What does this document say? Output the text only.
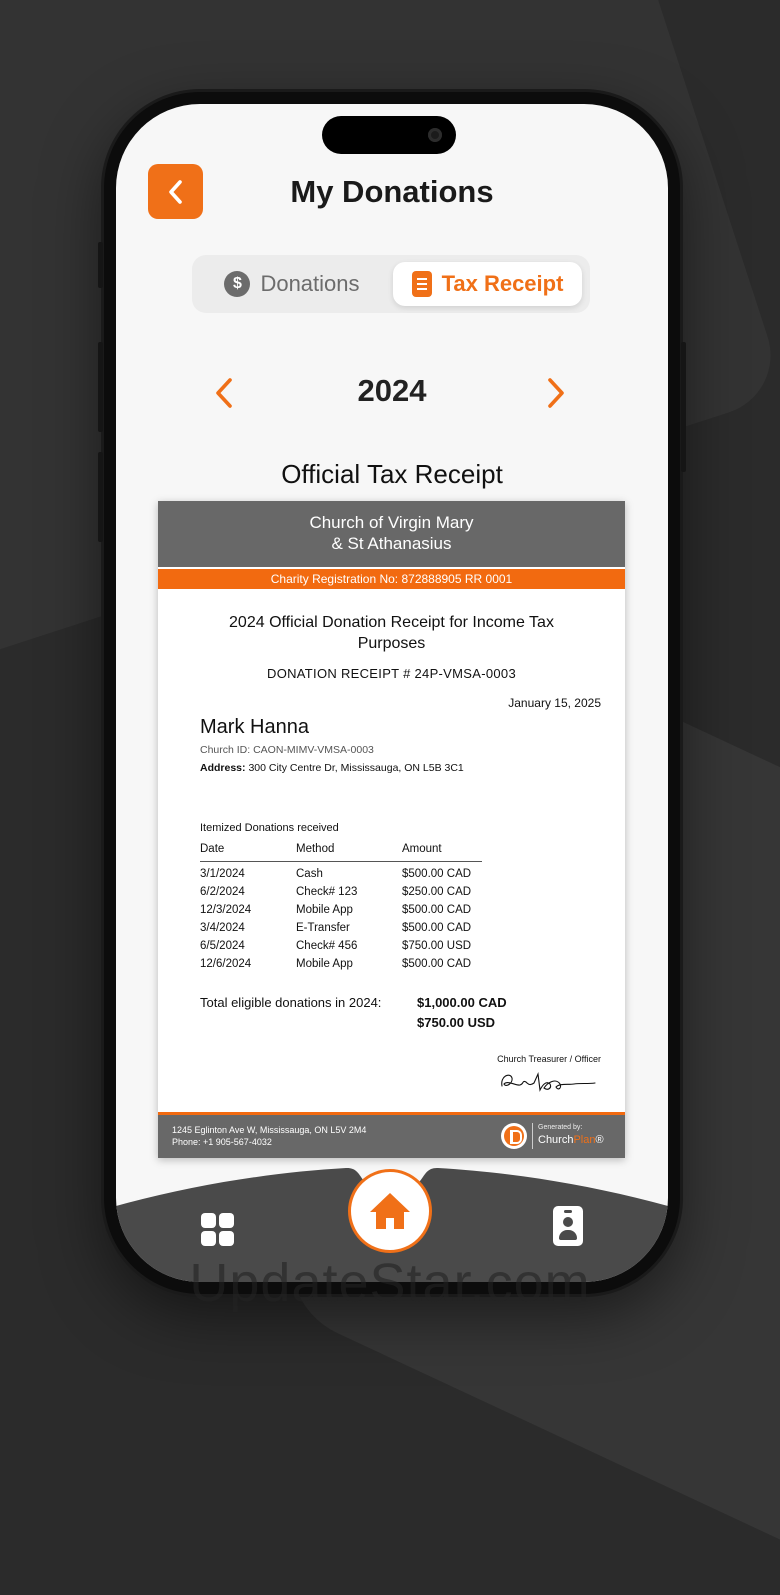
My Donations
$ Donations	Tax Receipt
2024
Official Tax Receipt
Church of Virgin Mary
& St Athanasius
Charity Registration No: 872888905 RR 0001
2024 Official Donation Receipt for Income Tax Purposes
DONATION RECEIPT # 24P-VMSA-0003
January 15, 2025
Mark Hanna
Church ID: CAON-MIMV-VMSA-0003
Address: 300 City Centre Dr, Mississauga, ON L5B 3C1
Itemized Donations received
Date	Method	Amount
3/1/2024	Cash	$500.00 CAD
6/2/2024	Check# 123	$250.00 CAD
12/3/2024	Mobile App	$500.00 CAD
3/4/2024	E-Transfer	$500.00 CAD
6/5/2024	Check# 456	$750.00 USD
12/6/2024	Mobile App	$500.00 CAD
Total eligible donations in 2024:	$1,000.00 CAD
$750.00 USD
Church Treasurer / Officer
1245 Eglinton Ave W, Mississauga, ON L5V 2M4
Phone: +1 905-567-4032
Generated by:
ChurchPlan®
UpdateStar.com
